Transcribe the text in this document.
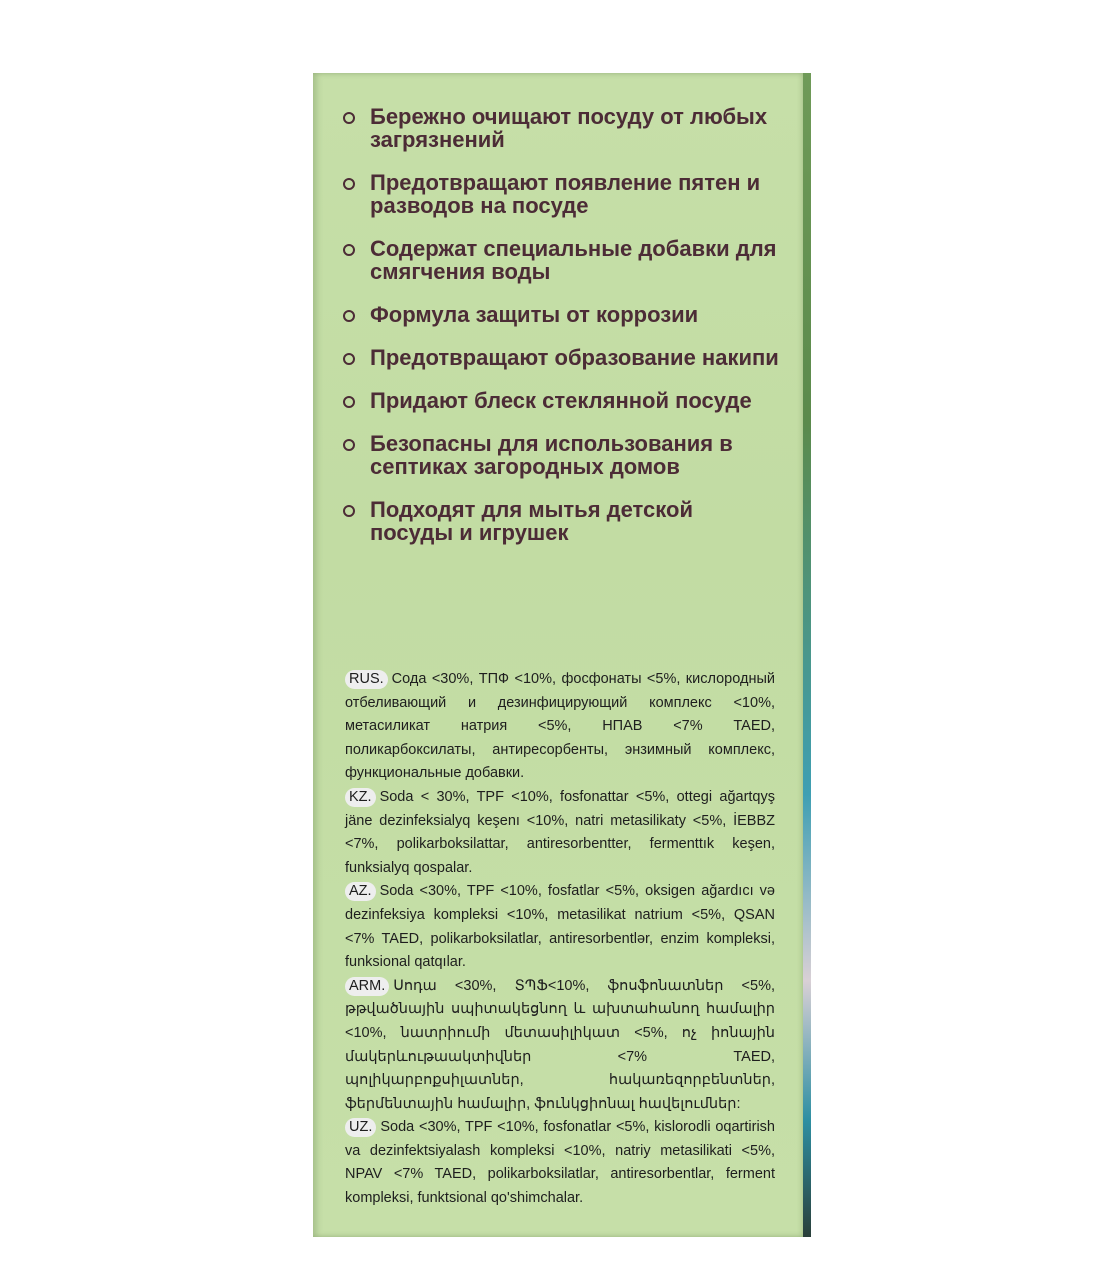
Бережно очищают посуду от любых загрязнений
Предотвращают появление пятен и разводов на посуде
Содержат специальные добавки для смягчения воды
Формула защиты от коррозии
Предотвращают образование накипи
Придают блеск стеклянной посуде
Безопасны для использования в септиках загородных домов
Подходят для мытья детской посуды и игрушек

RUS. Сода <30%, ТПФ <10%, фосфонаты <5%, кислородный отбеливающий и дезинфицирующий комплекс <10%, метасиликат натрия <5%, НПАВ <7% TAED, поликарбоксилаты, антиресорбенты, энзимный комплекс, функциональные добавки.

KZ. Soda < 30%, TPF <10%, fosfonattar <5%, ottegi ağartqyş jäne dezinfeksialyq keşenı <10%, natri metasilikaty <5%, İEBBZ <7%, polikarboksilattar, antiresorbentter, fermenttık keşen, funksialyq qospalar.

AZ. Soda <30%, TPF <10%, fosfatlar <5%, oksigen ağardıcı və dezinfeksiya kompleksi <10%, metasilikat natrium <5%, QSAN <7% TAED, polikarboksilatlar, antiresorbentlər, enzim kompleksi, funksional qatqılar.

ARM. Սոդա <30%, ՏՊՖ<10%, ֆոսֆոնատներ <5%, թթվածնային սպիտակեցնող և ախտահանող համալիր <10%, նատրիումի մետասիլիկատ <5%, ոչ իոնային մակերևութաակտիվներ <7% TAED, պոլիկարբոքսիլատներ, հակառեզորբենտներ, ֆերմենտային համալիր, ֆունկցիոնալ հավելումներ:

UZ. Soda <30%, TPF <10%, fosfonatlar <5%, kislorodli oqartirish va dezinfektsiyalash kompleksi <10%, natriy metasilikati <5%, NPAV <7% TAED, polikarboksilatlar, antiresorbentlar, ferment kompleksi, funktsional qo'shimchalar.
